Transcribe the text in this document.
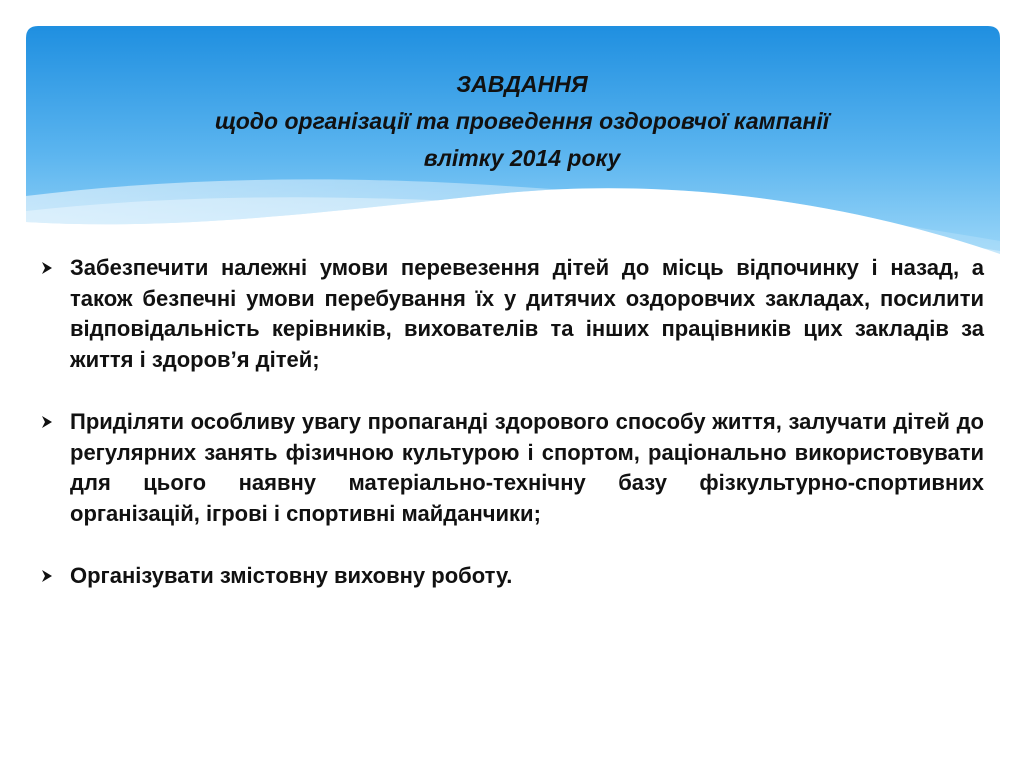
ЗАВДАННЯ
щодо організації та проведення оздоровчої кампанії
влітку 2014 року
Забезпечити належні умови перевезення дітей до місць відпочинку і назад, а також безпечні умови перебування їх у дитячих оздоровчих закладах, посилити відповідальність керівників, вихователів та інших працівників цих закладів за життя і здоров’я дітей;
Приділяти особливу увагу пропаганді здорового способу життя, залучати дітей до регулярних занять фізичною культурою і спортом, раціонально використовувати для цього наявну матеріально-технічну базу фізкультурно-спортивних організацій, ігрові і спортивні майданчики;
Організувати змістовну виховну роботу.
